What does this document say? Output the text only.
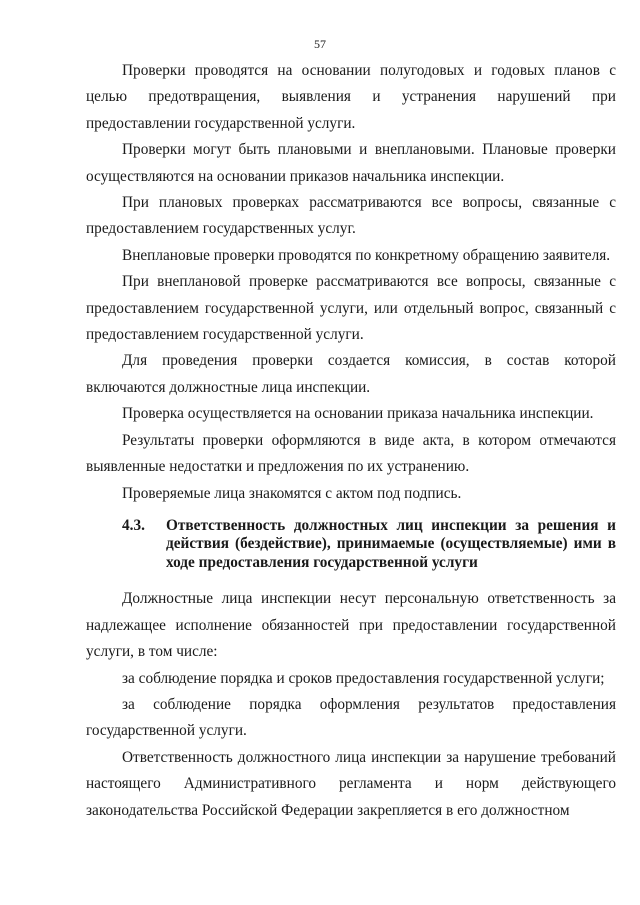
57

Проверки проводятся на основании полугодовых и годовых планов с целью предотвращения, выявления и устранения нарушений при предоставлении государственной услуги.

Проверки могут быть плановыми и внеплановыми. Плановые проверки осуществляются на основании приказов начальника инспекции.

При плановых проверках рассматриваются все вопросы, связанные с предоставлением государственных услуг.

Внеплановые проверки проводятся по конкретному обращению заявителя.

При внеплановой проверке рассматриваются все вопросы, связанные с предоставлением государственной услуги, или отдельный вопрос, связанный с предоставлением государственной услуги.

Для проведения проверки создается комиссия, в состав которой включаются должностные лица инспекции.

Проверка осуществляется на основании приказа начальника инспекции.

Результаты проверки оформляются в виде акта, в котором отмечаются выявленные недостатки и предложения по их устранению.

Проверяемые лица знакомятся с актом под подпись.

4.3.	Ответственность должностных лиц инспекции за решения и действия (бездействие), принимаемые (осуществляемые) ими в ходе предоставления государственной услуги

Должностные лица инспекции несут персональную ответственность за надлежащее исполнение обязанностей при предоставлении государственной услуги, в том числе:

за соблюдение порядка и сроков предоставления государственной услуги;

за соблюдение порядка оформления результатов предоставления государственной услуги.

Ответственность должностного лица инспекции за нарушение требований настоящего Административного регламента и норм действующего законодательства Российской Федерации закрепляется в его должностном
